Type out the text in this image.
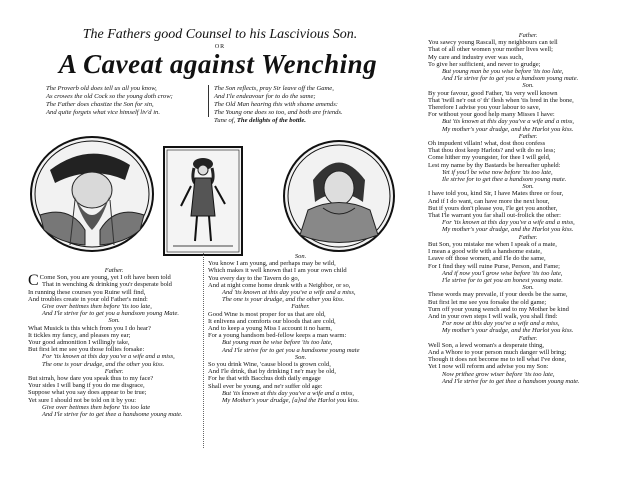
The Fathers good Counsel to his Lascivious Son.
OR
A Caveat against Wenching
The Proverb old does tell us all you know,
As crowes the old Cock so the young doth crow;
The Father does chastize the Son for sin,
And quite forgets what vice himself liv'd in.
The Son reflects, pray Sir leave off the Game,
And I'le endeavour for to do the same;
The Old Man hearing this with shame amends:
The Young one does so too, and both are friends.
Tune of, The delights of the bottle.

Father.

C Come Son, you are young, yet I oft have been told

That in wenching & drinking you'r desperate bold

In running these courses you Ruine will find,

And troubles create in your old Father's mind:

Give over betimes then before 'tis too late,

And I'le strive for to get you a handsom young Mate.

Son.

What Musick is this which from you I do hear?

It tickles my fancy, and pleases my ear;

Your good admonition I willingly take,

But first let me see you those follies forsake:

For 'tis known at this day you've a wife and a miss,

The one is your drudge, and the other you kiss.

Father.

But sirrah, how dare you speak thus to my face?

Your sides I will bang if you do me disgrace,

Suppose what you say does appear to be true;

Yet sure I should not be told on it by you:

Give over betimes then before 'tis too late

And I'le strive for to get thee a handsome young mate.

Son.

You know I am young, and perhaps may be wild,

Which makes it well known that I am your own child

You every day to the Tavern do go,

And at night come home drunk with a Neighbor, or so,

And 'tis known at this day you've a wife and a miss,

The one is your drudge, and the other you kiss.

Father.

Good Wine is most proper for us that are old,

It enlivens and comforts our bloods that are cold,

And to keep a young Miss I account it no harm,

For a young handsom bed-fellow keeps a man warm:

But young man be wise before 'tis too late,

And I'le strive for to get you a handsome young mate

Son.

So you drink Wine, 'cause blood is grown cold,

And I'le drink, that by drinking I ne'r may be old,

For he that with Bacchus doth daily engage

Shall ever be young, and ne'r suffer old age:

But 'tis known at this day you've a wife and a miss,

My Mother's your drudge, [a]nd the Harlot you kiss.

Father.

You sawcy young Rascall, my neighbours can tell

That of all other women your mother lives well;

My care and industry ever was such,

To give her sufficient, and never to grudge;

But young man be you wise before 'tis too late,

And I'le strive for to get you a handsom young mate.

Son.

By your favour, good Father, 'tis very well known

That 'twill ne'r out o' th' flesh when 'tis bred in the bone,

Therefore I advise you your labour to save,

For without your good help many Misses I have:

But 'tis known at this day you've a wife and a miss,

My mother's your drudge, and the Harlot you kiss.

Father.

Oh impudent villain! what, dost thou confess

That thou dost keep Harlots? and wilt do no less;

Come hither my youngster, for thee I will geld,

Lest my name by thy Bastards be hereafter upheld:

Yet if you'l be wise now before 'tis too late,

Ile strive for to get thee a handsom young mate.

Son.

I have told you, kind Sir, I have Mates three or four,

And if I do want, can have more the next hour,

But if yours don't please you, I'le get you another,

That I'le warrant you far shall out-frolick the other:

For 'tis known at this day you've a wife and a miss,

My mother's your drudge, and the Harlot you kiss.

Father.

But Son, you mistake me when I speak of a mate,

I mean a good wife with a handsome estate,

Leave off those women, and I'le do the same,

For I find they will ruine Purse, Person, and Fame;

And if now you'l grow wise before 'tis too late,

I'le strive for to get you an honest young mate.

Son.

These words may prevaile, if your deeds be the same,

But first let me see you forsake the old game;

Turn off your young wench and to my Mother be kind

And in your own steps I will walk, you shall find:

For now at this day you've a wife and a miss,

My mother's your drudge, and the Harlot you kiss.

Father.

Well Son, a lewd woman's a desperate thing,

And a Whore to your person much danger will bring;

Though it does not become me to tell what I've done,

Yet I now will reform and advise you my Son:

Now prithee grow wiser before 'tis too late,

And I'le strive for to get thee a handsom young mate.
